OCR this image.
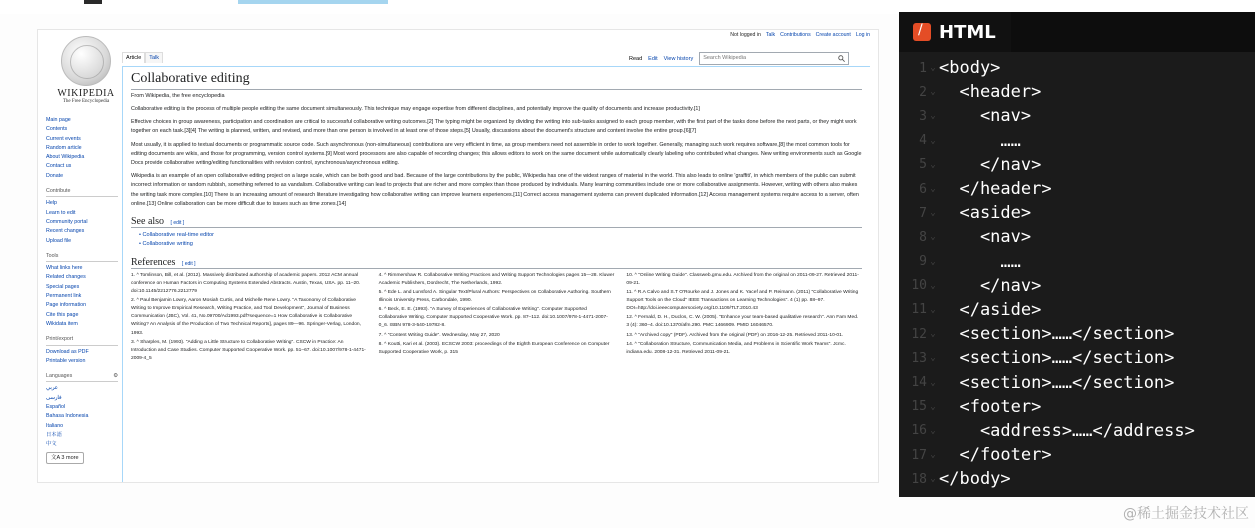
WIKIPEDIA
The Free Encyclopedia
Not logged in Talk Contributions Create account Log in
Article	Talk	Read Edit View history	Search Wikipedia
Main page
Contents
Current events
Random article
About Wikipedia
Contact us
Donate
Contribute
Help
Learn to edit
Community portal
Recent changes
Upload file
Tools
What links here
Related changes
Special pages
Permanent link
Page information
Cite this page
Wikidata item
Print/export
Download as PDF
Printable version
Languages	⚙
عربي
فارسی
Español
Bahasa Indonesia
Italiano
日本語
中文
文A 3 more
Collaborative editing
From Wikipedia, the free encyclopedia

Collaborative editing is the process of multiple people editing the same document simultaneously. This technique may engage expertise from different disciplines, and potentially improve the quality of documents and increase productivity.[1]

Effective choices in group awareness, participation and coordination are critical to successful collaborative writing outcomes.[2] The typing might be organized by dividing the writing into sub-tasks assigned to each group member, with the first part of the tasks done before the next parts, or they might work together on each task.[3][4] The writing is planned, written, and revised, and more than one person is involved in at least one of those steps.[5] Usually, discussions about the document's structure and content involve the entire group.[6][7]

Most usually, it is applied to textual documents or programmatic source code. Such asynchronous (non-simultaneous) contributions are very efficient in time, as group members need not assemble in order to work together. Generally, managing such work requires software,[8] the most common tools for editing documents are wikis, and those for programming, version control systems.[9] Most word processors are also capable of recording changes; this allows editors to work on the same document while automatically clearly labeling who contributed what changes. New writing environments such as Google Docs provide collaborative writing/editing functionalities with revision control, synchronous/asynchronous editing.

Wikipedia is an example of an open collaborative editing project on a large scale, which can be both good and bad. Because of the large contributions by the public, Wikipedia has one of the widest ranges of material in the world. This also leads to online 'graffiti', in which members of the public can submit incorrect information or random rubbish, something referred to as vandalism. Collaborative writing can lead to projects that are richer and more complex than those produced by individuals. Many learning communities include one or more collaborative assignments. However, writing with others also makes the writing task more complex.[10] There is an increasing amount of research literature investigating how collaborative writing can improve learners experiences.[11] Correct access management systems can prevent duplicated information.[12] Access management systems require access to a server, often online.[13] Online collaboration can be more difficult due to issues such as time zones.[14]

See also [ edit ]
• Collaborative real-time editor
• Collaborative writing
References [ edit ]
1. ^ Tomlinson, Bill, et al. (2012). Massively distributed authorship of academic papers. 2012 ACM annual conference on Human Factors in Computing Systems Extended Abstracts. Austin, Texas, USA. pp. 11–20. doi:10.1145/2212776.2212779
2. ^ Paul Benjamin Lowry, Aaron Mosiah Curtis, and Michelle Rene Lowry. "A Taxonomy of Collaborative Writing to Improve Empirical Research, Writing Practice, and Tool Development", Journal of Business Communication (JBC), Vol. 41, No.09700/Ad1993.pdf?sequence=1 How Collaborative is Collaborative Writing? An Analysis of the Production of Two Technical Reports], pages 89—96. Springer-Verlag, London, 1993.
3. ^ Sharples, M. (1993). "Adding a Little Structure to Collaborative Writing". CSCW in Practice: An Introduction and Case Studies. Computer Supported Cooperative Work. pp. 51–67. doi:10.1007/978-1-4471-2009-4_5
4. ^ Rimmershaw R. Collaborative Writing Practices and Writing Support Technologies pages 15—28. Kluwer Academic Publishers, Dordrecht, The Netherlands, 1992.
5. ^ Ede L. and Lunsford A. Singular Text/Plural Authors: Perspectives on Collaborative Authoring. Southern Illinois University Press, Carbondale, 1990.
6. ^ Beck, E. E. (1993). "A Survey of Experiences of Collaborative Writing". Computer Supported Collaborative Writing. Computer Supported Cooperative Work. pp. 87–112. doi:10.1007/978-1-4471-2007-0_6. ISBN 978-3-540-19782-8.
7. ^ "Content Writing Guide". Wednesday, May 27, 2020
8. ^ Koutti, Kari et al. (2003). ECSCW 2003: proceedings of the Eighth European Conference on Computer Supported Cooperative Work, p. 315
10. ^ "Online Writing Guide". Classweb.gmu.edu. Archived from the original on 2011-09-27. Retrieved 2011-09-21.
11. ^ R.A Calvo and S.T O'Rourke and J. Jones and K. Yacef and P. Reimann. (2011) "Collaborative Writing Support Tools on the Cloud" IEEE Transactions on Learning Technologies". 4 (1) pp. 88–97. DOI=http://doi.ieeecomputersociety.org/10.1109/TLT.2010.43
12. ^ Fernald, D. H., Duclos, C. W. (2005). "Enhance your team-based qualitative research". Ann Fam Med. 3 (4): 360–4. doi:10.1370/afm.290. PMC 1466909. PMID 16046570.
13. ^ "Archived copy" (PDF). Archived from the original (PDF) on 2016-12-25. Retrieved 2011-10-01.
14. ^ "Collaboration Structure, Communication Media, and Problems in Scientific Work Teams". Jcmc. indiana.edu. 2008-12-31. Retrieved 2011-09-21.
/
HTML
1 ⌄ <body>
2 ⌄ <header>
3 ⌄ <nav>
4 ⌄ ……
5 ⌄ </nav>
6 ⌄ </header>
7 ⌄ <aside>
8 ⌄ <nav>
9 ⌄ ……
10 ⌄ </nav>
11 ⌄ </aside>
12 ⌄ <section>……</section>
13 ⌄ <section>……</section>
14 ⌄ <section>……</section>
15 ⌄ <footer>
16 ⌄ <address>……</address>
17 ⌄ </footer>
18 ⌄ </body>
@稀土掘金技术社区
